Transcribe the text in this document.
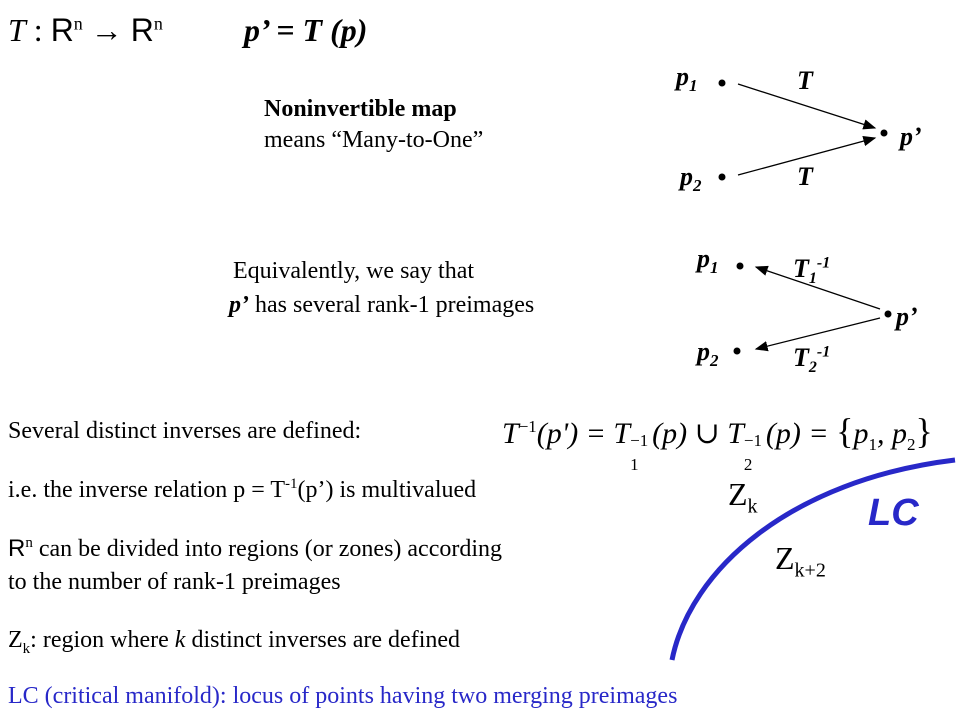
T : $R^n \to R^n$	p’ = T (p)
Noninvertible map
means “Many-to-One”
$p_1$
$p_2$
T
T
p’
Equivalently, we say that
p’ has several rank-1 preimages
$p_1$
$p_2$
$T_1^{-1}$
$T_2^{-1}$
p’
Several distinct inverses are defined:	$T^{-1}(p') = T$
1
−1 (p) ∪ T
2
−1 $(p) = \{p_1$, $p_2$}
i.e. the inverse relation $p = T^{-1}(p’)$ is multivalued
$R^n$ can be divided into regions (or zones) according
to the number of rank-1 preimages
$Z_k$: region where k distinct inverses are defined
LC (critical manifold): locus of points having two merging preimages
$Z_k$
$Z_{k+2}$
LC
